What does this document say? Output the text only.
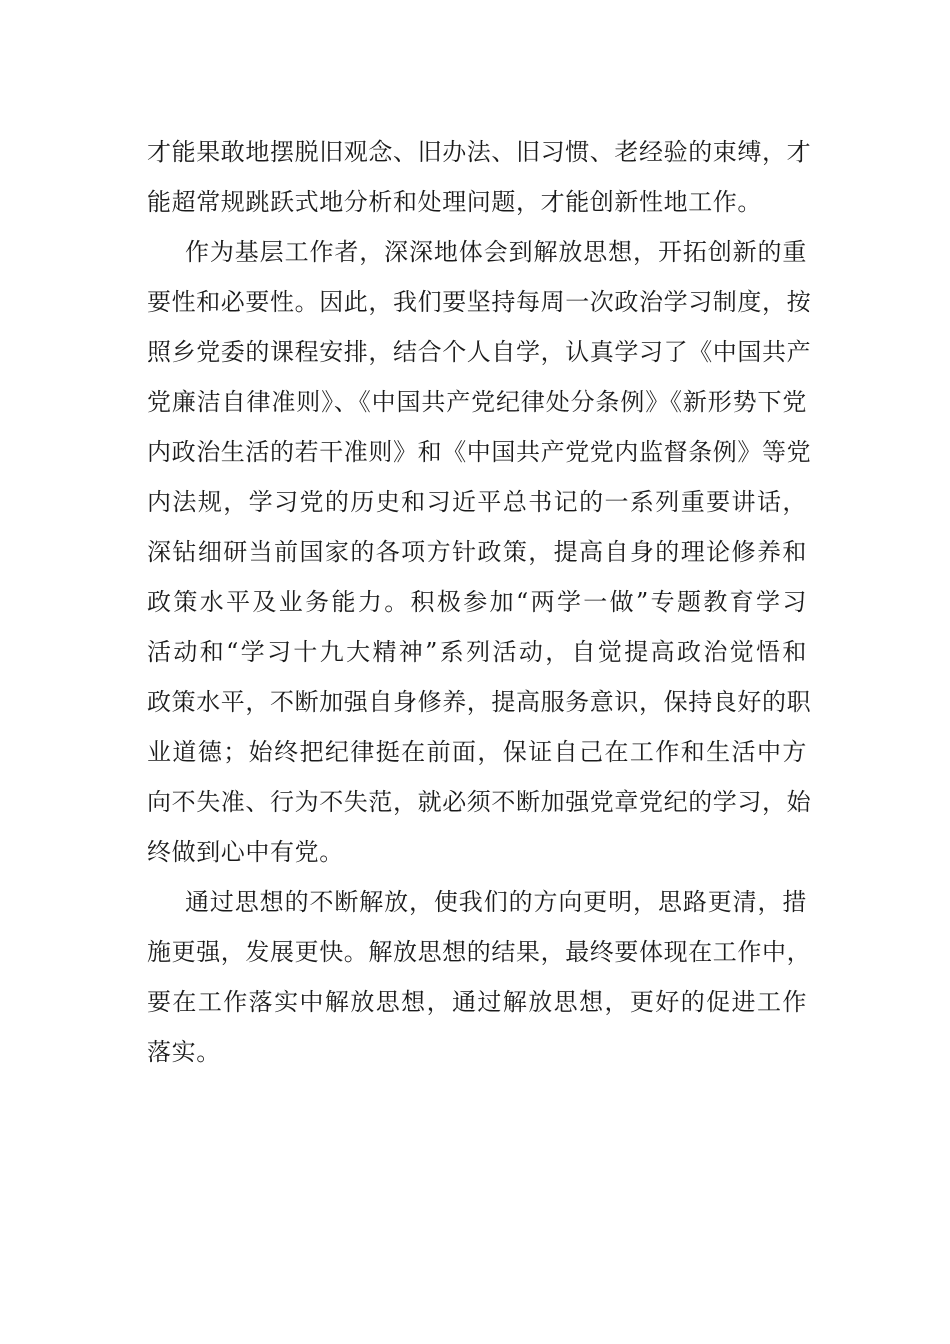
才能果敢地摆脱旧观念、旧办法、旧习惯、老经验的束缚，才
能超常规跳跃式地分析和处理问题，才能创新性地工作。
作为基层工作者，深深地体会到解放思想，开拓创新的重
要性和必要性。因此，我们要坚持每周一次政治学习制度，按
照乡党委的课程安排，结合个人自学，认真学习了《中国共产
党廉洁自律准则》、《中国共产党纪律处分条例》《新形势下党
内政治生活的若干准则》和《中国共产党党内监督条例》等党
内法规，学习党的历史和习近平总书记的一系列重要讲话，
深钻细研当前国家的各项方针政策，提高自身的理论修养和
政策水平及业务能力。积极参加“两学一做”专题教育学习
活动和“学习十九大精神”系列活动，自觉提高政治觉悟和
政策水平，不断加强自身修养，提高服务意识，保持良好的职
业道德；始终把纪律挺在前面，保证自己在工作和生活中方
向不失准、行为不失范，就必须不断加强党章党纪的学习，始
终做到心中有党。
通过思想的不断解放，使我们的方向更明，思路更清，措
施更强，发展更快。解放思想的结果，最终要体现在工作中，
要在工作落实中解放思想，通过解放思想，更好的促进工作
落实。
